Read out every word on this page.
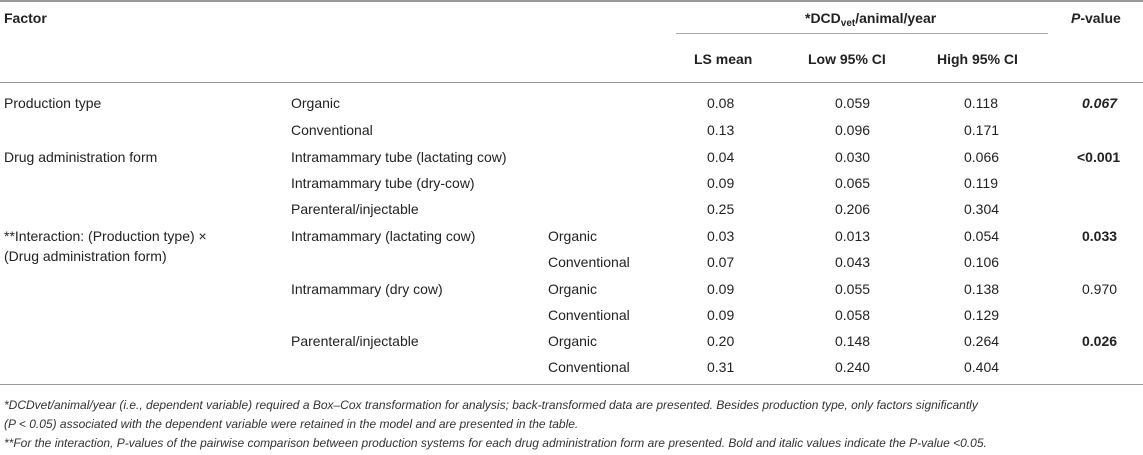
Factor	$*DCD_{vet}/animal$/year	P-value
LS mean	Low 95% CI	High 95% CI
Production type	Organic	0.08	0.059	0.118	0.067
Conventional	0.13	0.096	0.171
Drug administration form	Intramammary tube (lactating cow)	0.04	0.030	0.066	<0.001
Intramammary tube (dry-cow)	0.09	0.065	0.119
Parenteral/injectable	0.25	0.206	0.304
**Interaction: (Production type) ×
(Drug administration form)
Intramammary (lactating cow)	Organic	0.03	0.013	0.054	0.033
Conventional	0.07	0.043	0.106
Intramammary (dry cow)	Organic	0.09	0.055	0.138	0.970
Conventional	0.09	0.058	0.129
Parenteral/injectable	Organic	0.20	0.148	0.264	0.026
Conventional	0.31	0.240	0.404
*DCDvet/animal/year (i.e., dependent variable) required a Box–Cox transformation for analysis; back-transformed data are presented. Besides production type, only factors significantly
(P < 0.05) associated with the dependent variable were retained in the model and are presented in the table.
**For the interaction, P-values of the pairwise comparison between production systems for each drug administration form are presented. Bold and italic values indicate the P-value <0.05.
